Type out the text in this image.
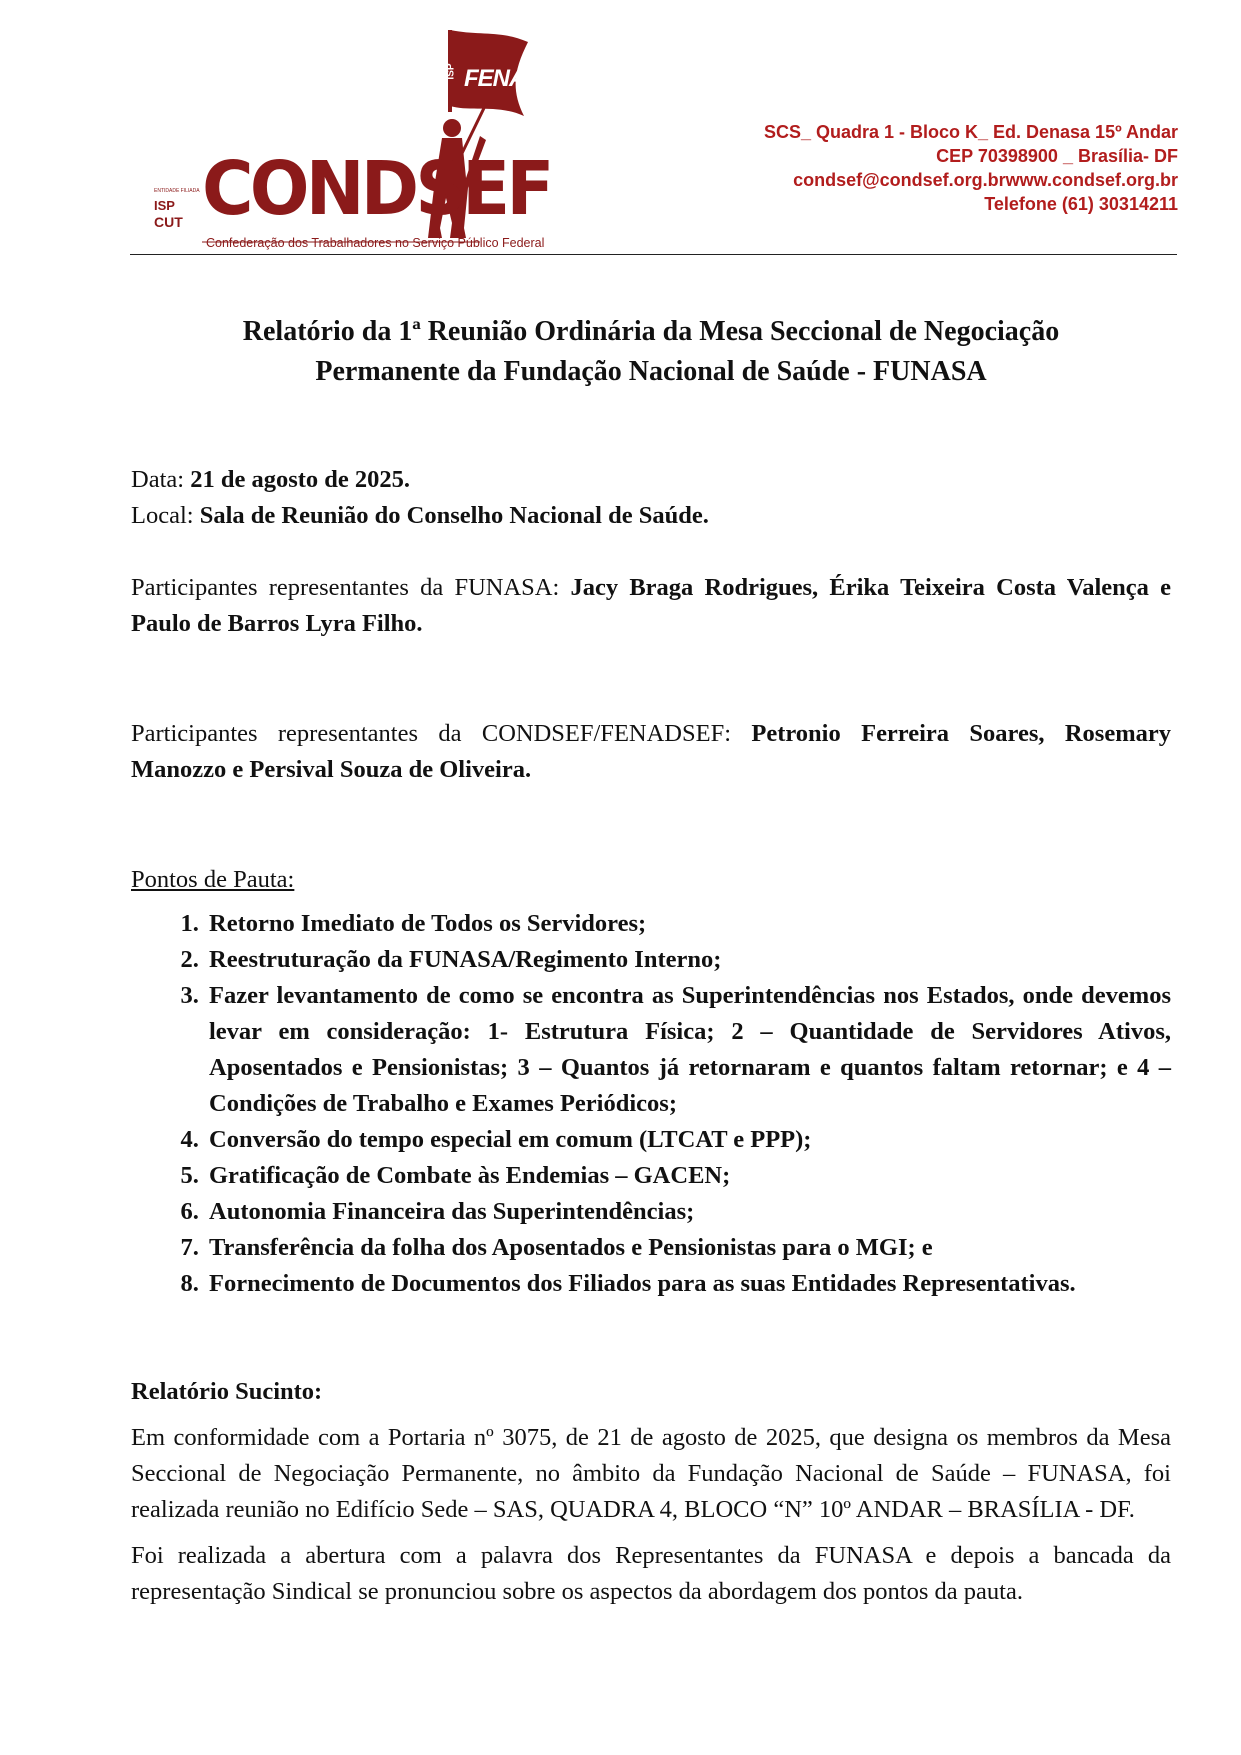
ISP FENADSEF
ENTIDADE FILIADA
ISP
CUT CONDSEF
Confederação dos Trabalhadores no Serviço Público Federal
SCS_ Quadra 1 - Bloco K_ Ed. Denasa 15º Andar
CEP 70398900 _ Brasília- DF
condsef@condsef.org.brwww.condsef.org.br
Telefone (61) 30314211
Relatório da 1ª Reunião Ordinária da Mesa Seccional de Negociação
Permanente da Fundação Nacional de Saúde - FUNASA

Data: 21 de agosto de 2025.

Local: Sala de Reunião do Conselho Nacional de Saúde.

Participantes representantes da FUNASA: Jacy Braga Rodrigues, Érika Teixeira Costa Valença e Paulo de Barros Lyra Filho.

Participantes representantes da CONDSEF/FENADSEF: Petronio Ferreira Soares, Rosemary Manozzo e Persival Souza de Oliveira.

Pontos de Pauta:

1. Retorno Imediato de Todos os Servidores;
2. Reestruturação da FUNASA/Regimento Interno;
3. Fazer levantamento de como se encontra as Superintendências nos Estados, onde devemos levar em consideração: 1- Estrutura Física; 2 – Quantidade de Servidores Ativos, Aposentados e Pensionistas; 3 – Quantos já retornaram e quantos faltam retornar; e 4 – Condições de Trabalho e Exames Periódicos;
4. Conversão do tempo especial em comum (LTCAT e PPP);
5. Gratificação de Combate às Endemias – GACEN;
6. Autonomia Financeira das Superintendências;
7. Transferência da folha dos Aposentados e Pensionistas para o MGI; e
8. Fornecimento de Documentos dos Filiados para as suas Entidades Representativas.

Relatório Sucinto:

Em conformidade com a Portaria nº 3075, de 21 de agosto de 2025, que designa os membros da Mesa Seccional de Negociação Permanente, no âmbito da Fundação Nacional de Saúde – FUNASA, foi realizada reunião no Edifício Sede – SAS, QUADRA 4, BLOCO “N” 10º ANDAR – BRASÍLIA - DF.

Foi realizada a abertura com a palavra dos Representantes da FUNASA e depois a bancada da representação Sindical se pronunciou sobre os aspectos da abordagem dos pontos da pauta.
